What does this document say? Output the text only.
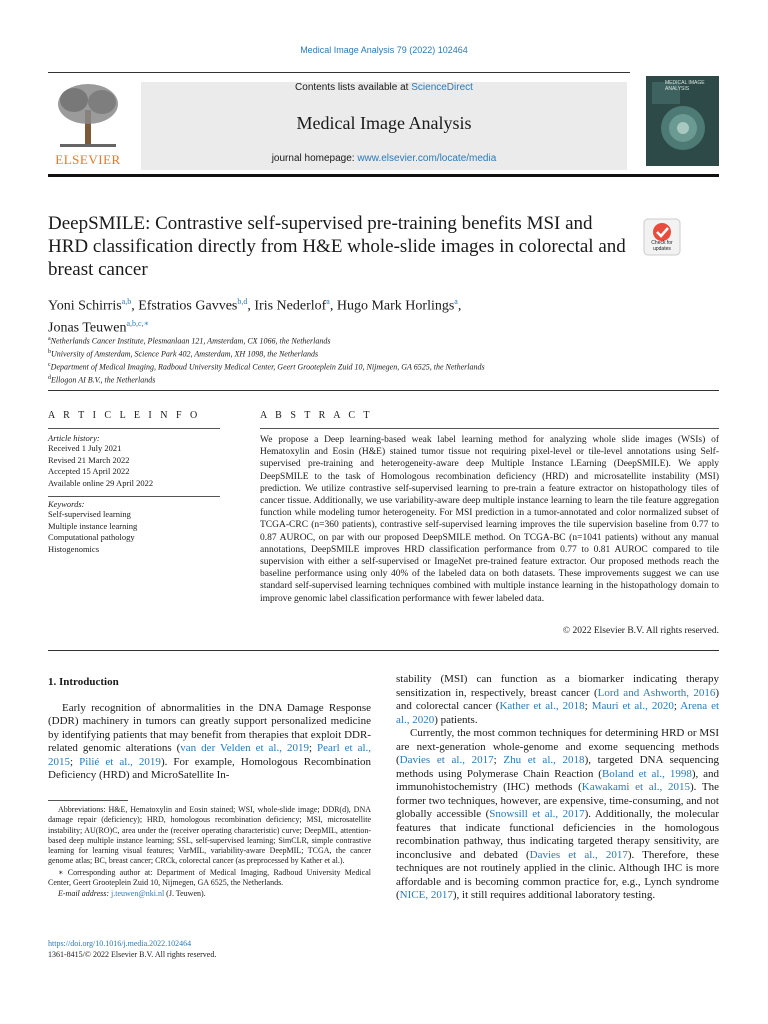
Medical Image Analysis 79 (2022) 102464
ELSEVIER
Contents lists available at ScienceDirect
Medical Image Analysis
journal homepage: www.elsevier.com/locate/media
MEDICAL IMAGE ANALYSIS
DeepSMILE: Contrastive self-supervised pre-training benefits MSI and HRD classification directly from H&E whole-slide images in colorectal and breast cancer
Check for updates
Yoni Schirris$^{a,b}$, Efstratios Gavves$^{b,d}$, Iris Nederlof$^a$, Hugo Mark Horlings$^a$,
Jonas Teuwen$^{a,b,c,∗}$
$^a$Netherlands Cancer Institute, Plesmanlaan 121, Amsterdam, CX 1066, the Netherlands
$^b$University of Amsterdam, Science Park 402, Amsterdam, XH 1098, the Netherlands
$^c$Department of Medical Imaging, Radboud University Medical Center, Geert Grooteplein Zuid 10, Nijmegen, GA 6525, the Netherlands
$^d$Ellogon AI B.V., the Netherlands
A R T I C L E I N F O
Article history:
Received 1 July 2021
Revised 21 March 2022
Accepted 15 April 2022
Available online 29 April 2022
Keywords:
Self-supervised learning
Multiple instance learning
Computational pathology
Histogenomics
A B S T R A C T
We propose a Deep learning-based weak label learning method for analyzing whole slide images (WSIs) of Hematoxylin and Eosin (H&E) stained tumor tissue not requiring pixel-level or tile-level annotations using Self-supervised pre-training and heterogeneity-aware deep Multiple Instance LEarning (DeepSMILE). We apply DeepSMILE to the task of Homologous recombination deficiency (HRD) and microsatellite instability (MSI) prediction. We utilize contrastive self-supervised learning to pre-train a feature extractor on histopathology tiles of cancer tissue. Additionally, we use variability-aware deep multiple instance learning to learn the tile feature aggregation function while modeling tumor heterogeneity. For MSI prediction in a tumor-annotated and color normalized subset of TCGA-CRC (n=360 patients), contrastive self-supervised learning improves the tile supervision baseline from 0.77 to 0.87 AUROC, on par with our proposed DeepSMILE method. On TCGA-BC (n=1041 patients) without any manual annotations, DeepSMILE improves HRD classification performance from 0.77 to 0.81 AUROC compared to tile supervision with either a self-supervised or ImageNet pre-trained feature extractor. Our proposed methods reach the baseline performance using only 40% of the labeled data on both datasets. These improvements suggest we can use standard self-supervised learning techniques combined with multiple instance learning in the histopathology domain to improve genomic label classification performance with fewer labeled data.
© 2022 Elsevier B.V. All rights reserved.
1. Introduction

Early recognition of abnormalities in the DNA Damage Response (DDR) machinery in tumors can greatly support personalized medicine by identifying patients that may benefit from therapies that exploit DDR-related genomic alterations (van der Velden et al., 2019; Pearl et al., 2015; Pilié et al., 2019). For example, Homologous Recombination Deficiency (HRD) and MicroSatellite In-

Abbreviations: H&E, Hematoxylin and Eosin stained; WSI, whole-slide image; DDR(d), DNA damage repair (deficiency); HRD, homologous recombination deficiency; MSI, microsatellite instability; AU(RO)C, area under the (receiver operating characteristic) curve; DeepMIL, attention-based deep multiple instance learning; SSL, self-supervised learning; SimCLR, simple contrastive learning for learning visual features; VarMIL, variability-aware DeepMIL; TCGA, the cancer genome atlas; BC, breast cancer; CRCk, colorectal cancer (as preprocessed by Kather et al.).

∗ Corresponding author at: Department of Medical Imaging, Radboud University Medical Center, Geert Grooteplein Zuid 10, Nijmegen, GA 6525, the Netherlands.

E-mail address: j.teuwen@nki.nl (J. Teuwen).

https://doi.org/10.1016/j.media.2022.102464
1361-8415/© 2022 Elsevier B.V. All rights reserved.

stability (MSI) can function as a biomarker indicating therapy sensitization in, respectively, breast cancer (Lord and Ashworth, 2016) and colorectal cancer (Kather et al., 2018; Mauri et al., 2020; Arena et al., 2020) patients.

Currently, the most common techniques for determining HRD or MSI are next-generation whole-genome and exome sequencing methods (Davies et al., 2017; Zhu et al., 2018), targeted DNA sequencing methods using Polymerase Chain Reaction (Boland et al., 1998), and immunohistochemistry (IHC) methods (Kawakami et al., 2015). The former two techniques, however, are expensive, time-consuming, and not globally accessible (Snowsill et al., 2017). Additionally, the molecular features that indicate functional deficiencies in the homologous recombination pathway, thus indicating targeted therapy sensitivity, are inconclusive and debated (Davies et al., 2017). Therefore, these techniques are not routinely applied in the clinic. Although IHC is more affordable and is becoming common practice for, e.g., Lynch syndrome (NICE, 2017), it still requires additional laboratory testing.
